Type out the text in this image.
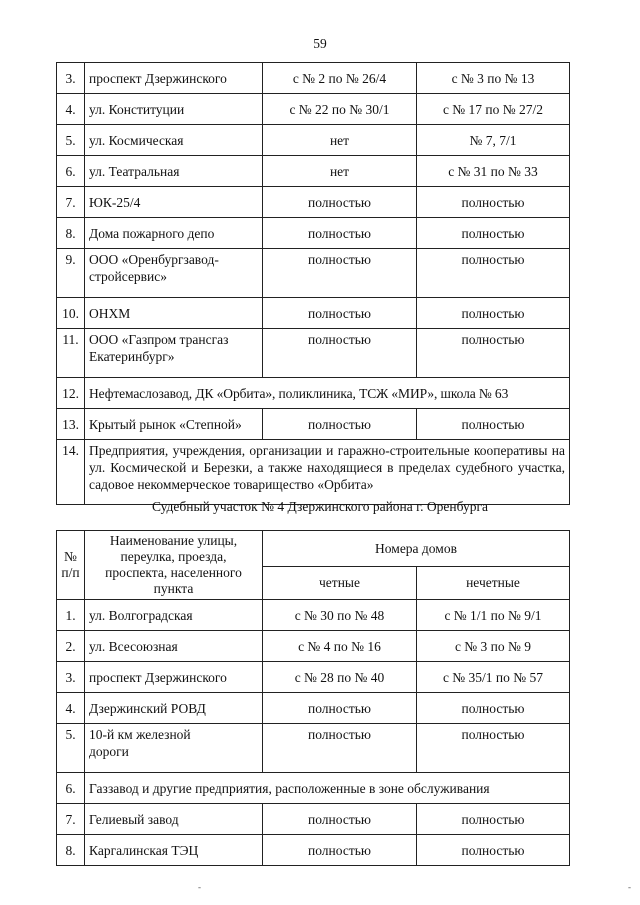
59
3.	проспект Дзержинского	с № 2 по № 26/4	с № 3 по № 13
4.	ул. Конституции	с № 22 по № 30/1	с № 17 по № 27/2
5.	ул. Космическая	нет	№ 7, 7/1
6.	ул. Театральная	нет	с № 31 по № 33
7.	ЮК-25/4	полностью	полностью
8.	Дома пожарного депо	полностью	полностью
9.	ООО «Оренбургзавод-стройсервис»	полностью	полностью
10.	ОНХМ	полностью	полностью
11.	ООО «Газпром трансгаз Екатеринбург»	полностью	полностью
12.	Нефтемаслозавод, ДК «Орбита», поликлиника, ТСЖ «МИР», школа № 63		
13.	Крытый рынок «Степной»	полностью	полностью
14.	Предприятия, учреждения, организации и гаражно-строительные кооперативы на ул. Космической и Березки, а также находящиеся в пределах судебного участка, садовое некоммерческое товарищество «Орбита»		
Судебный участок № 4 Дзержинского района г. Оренбурга
№ п/п	Наименование улицы, переулка, проезда, проспекта, населенного пункта	Номера домов	
		четные	нечетные
1.	ул. Волгоградская	с № 30 по № 48	с № 1/1 по № 9/1
2.	ул. Всесоюзная	с № 4 по № 16	с № 3 по № 9
3.	проспект Дзержинского	с № 28 по № 40	с № 35/1 по № 57
4.	Дзержинский РОВД	полностью	полностью
5.	10-й км железной дороги	полностью	полностью
6.	Газзавод и другие предприятия, расположенные в зоне обслуживания		
7.	Гелиевый завод	полностью	полностью
8.	Каргалинская ТЭЦ	полностью	полностью
-	-
